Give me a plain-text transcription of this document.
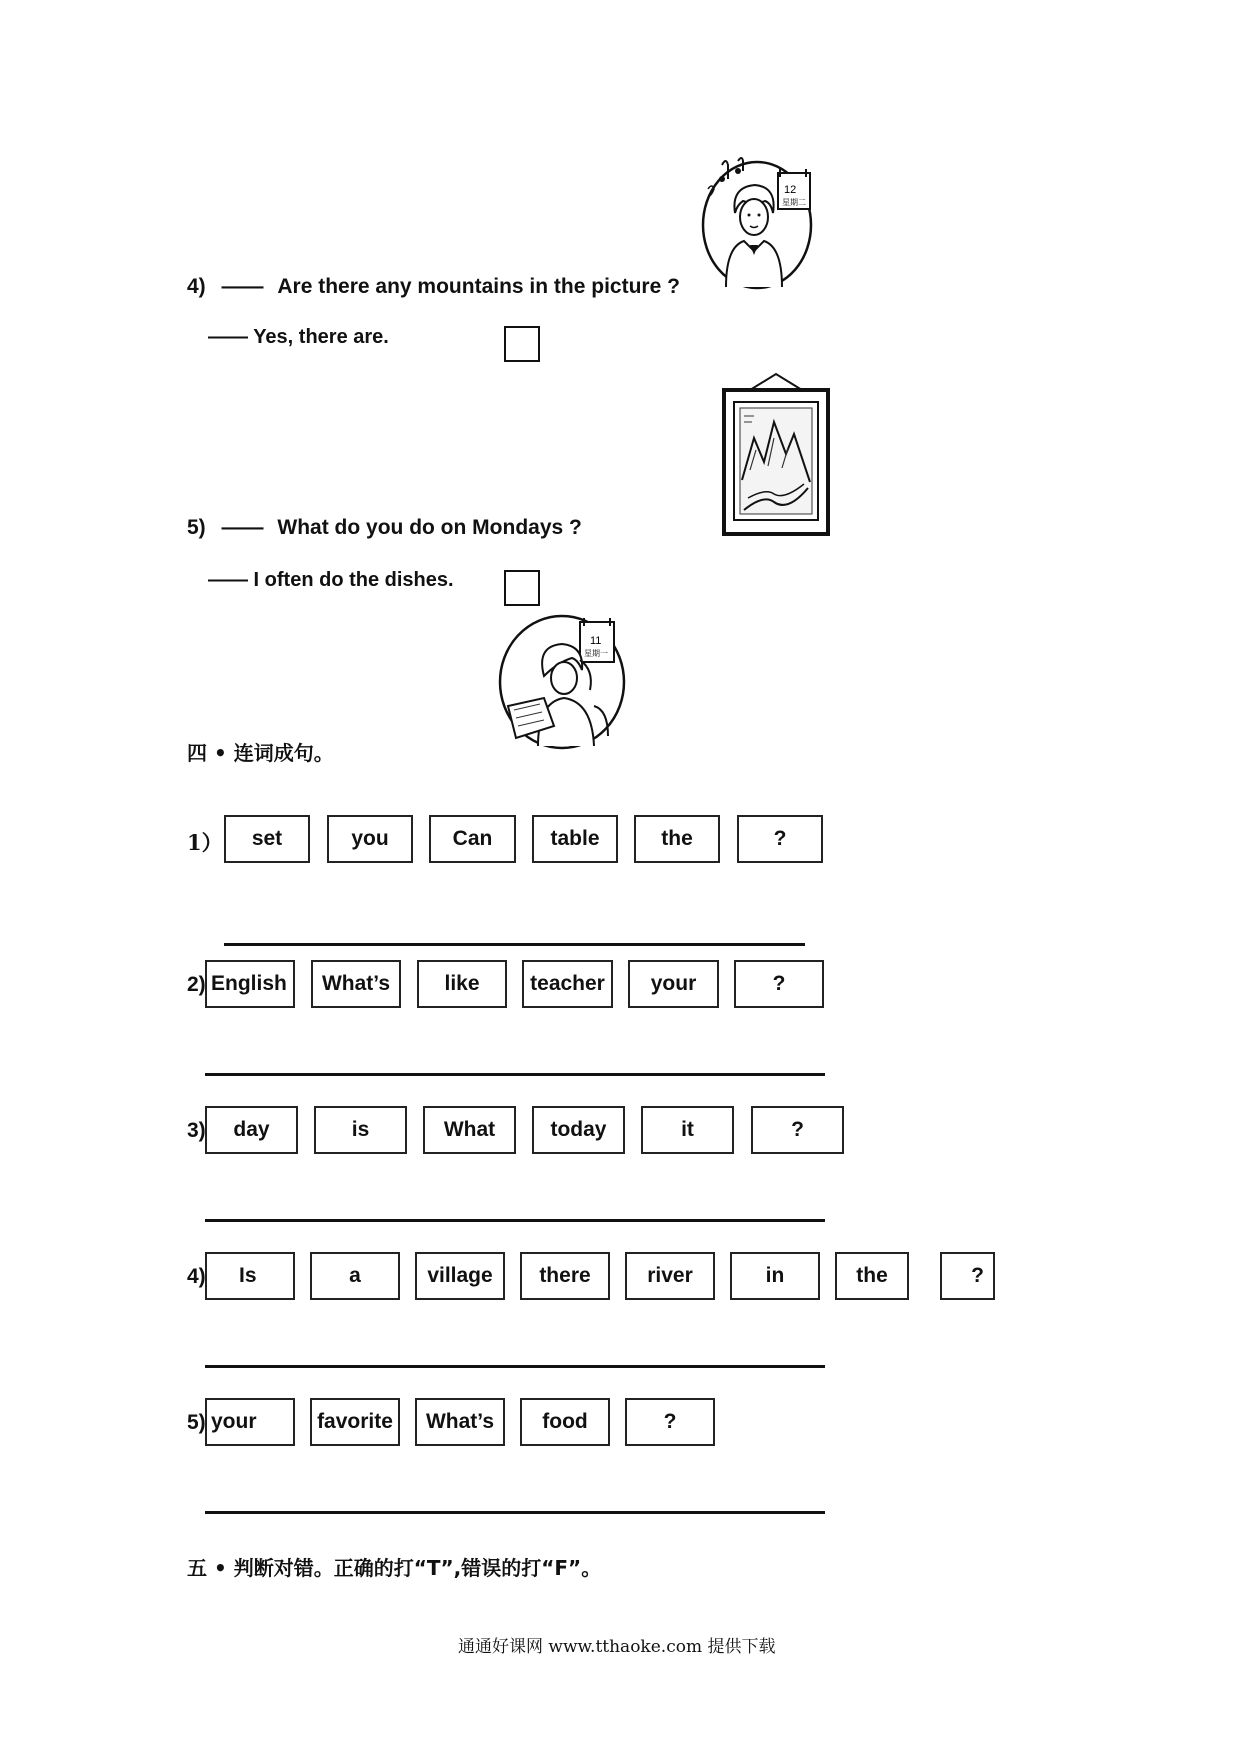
12
星期二
11
星期一
4) —— Are there any mountains in the picture ?
—— Yes, there are.
5) —— What do you do on Mondays ?
—— I often do the dishes.
四 • 连词成句。
1）	set	you	Can	table	the	?
2) English	What’s	like	teacher	your	?
3)	day	is	What	today	it	?
4)	Is	a	village	there	river	in	the	?
5) your	favorite	What’s	food	?
五 • 判断对错。正确的打“T”,错误的打“F”。
通通好课网 www.tthaoke.com 提供下载
